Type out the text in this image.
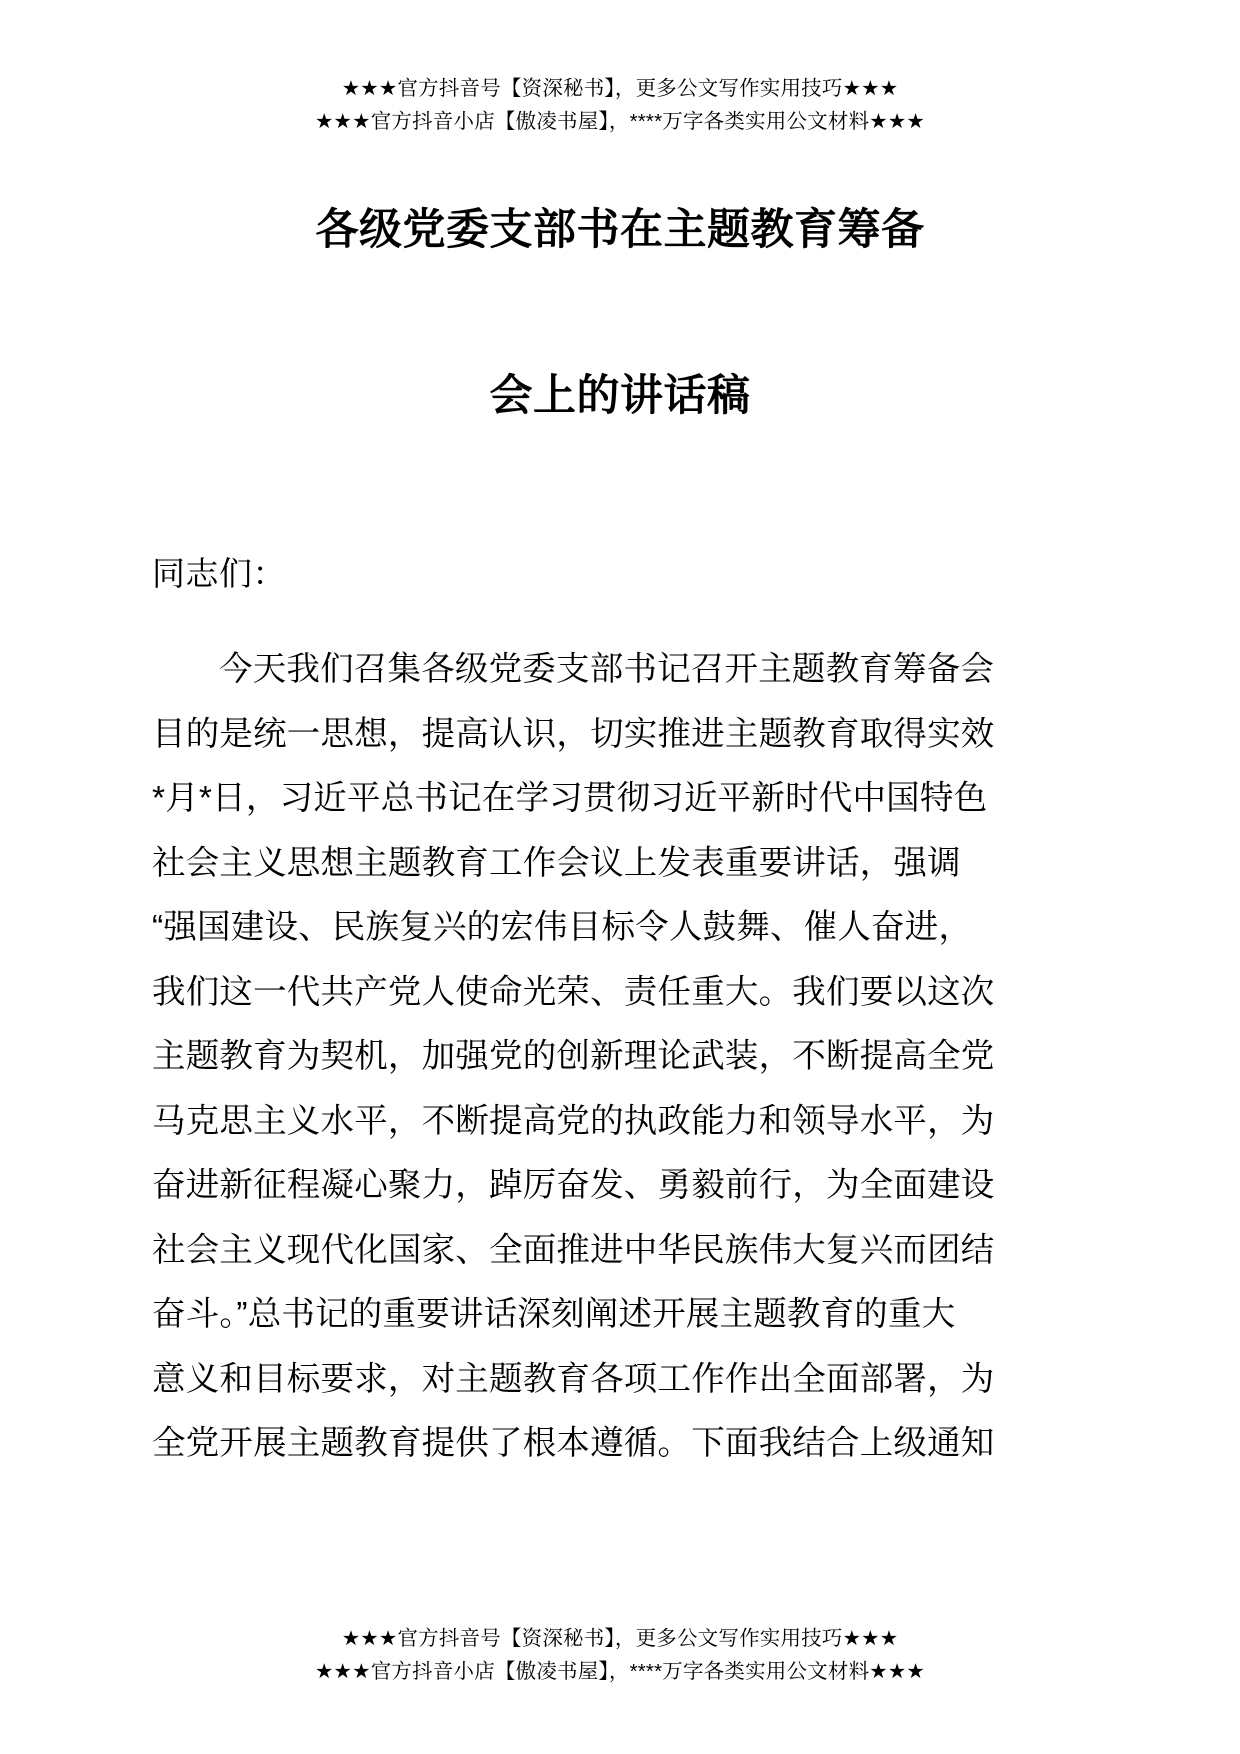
★★★官方抖音号【资深秘书】，更多公文写作实用技巧★★★
★★★官方抖音小店【傲凌书屋】，****万字各类实用公文材料★★★
各级党委支部书在主题教育筹备
会上的讲话稿
同志们：
今天我们召集各级党委支部书记召开主题教育筹备会
目的是统一思想，提高认识，切实推进主题教育取得实效
*月*日，习近平总书记在学习贯彻习近平新时代中国特色
社会主义思想主题教育工作会议上发表重要讲话，强调
“强国建设、民族复兴的宏伟目标令人鼓舞、催人奋进，
我们这一代共产党人使命光荣、责任重大。我们要以这次
主题教育为契机，加强党的创新理论武装，不断提高全党
马克思主义水平，不断提高党的执政能力和领导水平，为
奋进新征程凝心聚力，踔厉奋发、勇毅前行，为全面建设
社会主义现代化国家、全面推进中华民族伟大复兴而团结
奋斗。”总书记的重要讲话深刻阐述开展主题教育的重大
意义和目标要求，对主题教育各项工作作出全面部署，为
全党开展主题教育提供了根本遵循。下面我结合上级通知
★★★官方抖音号【资深秘书】，更多公文写作实用技巧★★★
★★★官方抖音小店【傲凌书屋】，****万字各类实用公文材料★★★
